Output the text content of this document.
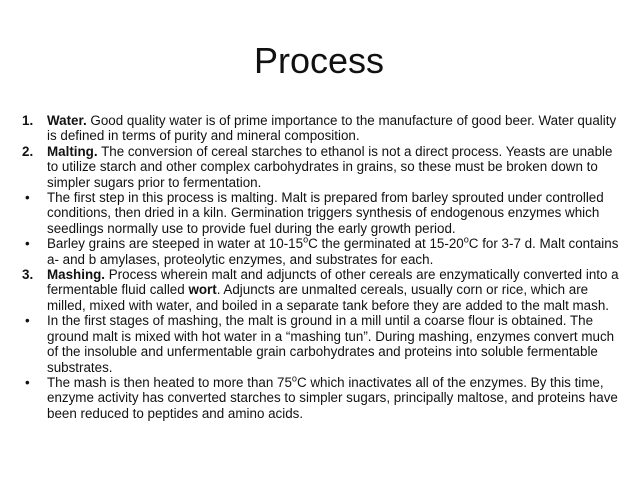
Process

1. Water. Good quality water is of prime importance to the manufacture of good beer. Water quality is defined in terms of purity and mineral composition.

2. Malting. The conversion of cereal starches to ethanol is not a direct process. Yeasts are unable to utilize starch and other complex carbohydrates in grains, so these must be broken down to simpler sugars prior to fermentation.

• The first step in this process is malting. Malt is prepared from barley sprouted under controlled conditions, then dried in a kiln. Germination triggers synthesis of endogenous enzymes which seedlings normally use to provide fuel during the early growth period.

• Barley grains are steeped in water at 10-15$^o$C the germinated at 15-20$^o$C for 3-7 d. Malt contains a- and b amylases, proteolytic enzymes, and substrates for each.

3. Mashing. Process wherein malt and adjuncts of other cereals are enzymatically converted into a fermentable fluid called wort. Adjuncts are unmalted cereals, usually corn or rice, which are milled, mixed with water, and boiled in a separate tank before they are added to the malt mash.

• In the first stages of mashing, the malt is ground in a mill until a coarse flour is obtained. The ground malt is mixed with hot water in a “mashing tun”. During mashing, enzymes convert much of the insoluble and unfermentable grain carbohydrates and proteins into soluble fermentable substrates.

• The mash is then heated to more than 75$^o$C which inactivates all of the enzymes. By this time, enzyme activity has converted starches to simpler sugars, principally maltose, and proteins have been reduced to peptides and amino acids.
